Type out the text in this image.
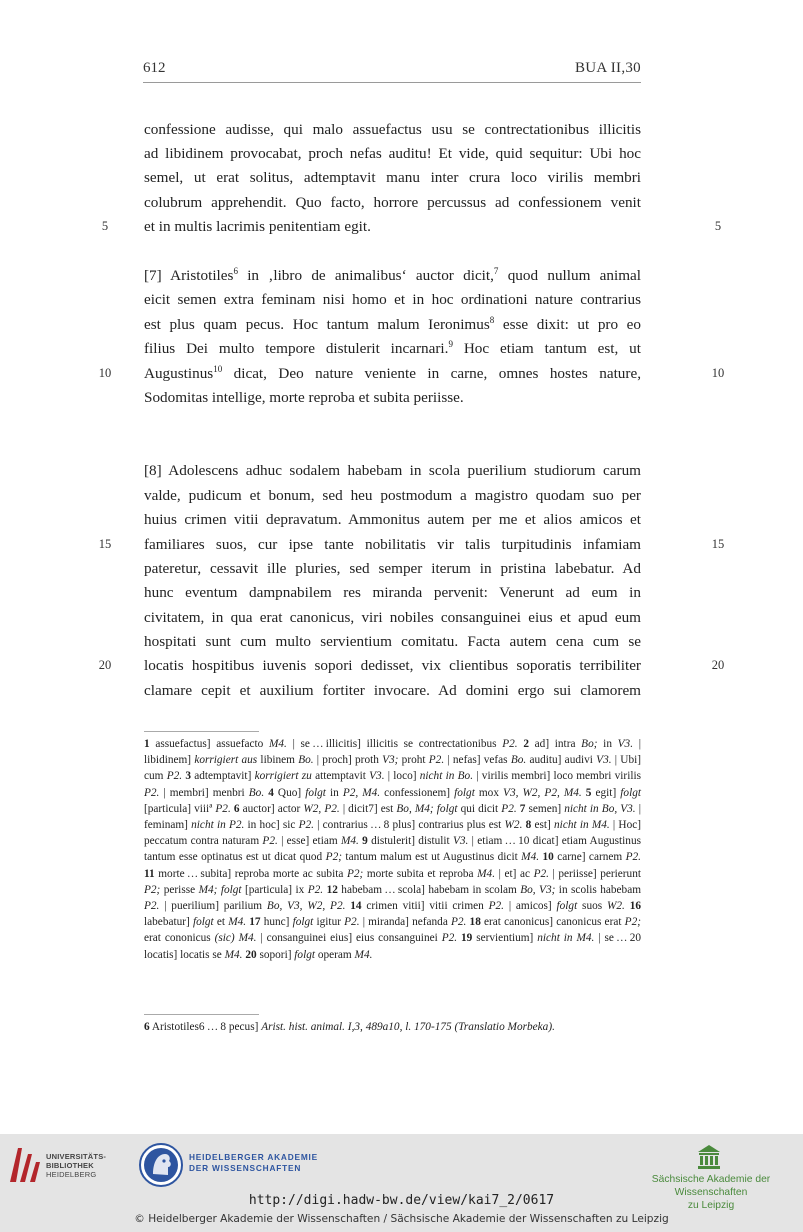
612	BUA II,30
confessione audisse, qui malo assuefactus usu se contrectationibus illicitis
ad libidinem provocabat, proch nefas auditu! Et vide, quid sequitur: Ubi hoc
semel, ut erat solitus, adtemptavit manu inter crura loco virilis membri
colubrum apprehendit. Quo facto, horrore percussus ad confessionem venit
et in multis lacrimis penitentiam egit.
5	5
[7] Aristotiles$^6$ in ‚libro de animalibus‘ auctor dicit,$^7$ quod nullum animal
eicit semen extra feminam nisi homo et in hoc ordinationi nature contrarius
est plus quam pecus. Hoc tantum malum Ieronimus$^8$ esse dixit: ut pro eo
filius Dei multo tempore distulerit incarnari.$^9$ Hoc etiam tantum est, ut
Augustinus$^{10}$ dicat, Deo nature veniente in carne, omnes hostes nature,
Sodomitas intellige, morte reproba et subita periisse.
10	10
[8] Adolescens adhuc sodalem habebam in scola puerilium studiorum carum
valde, pudicum et bonum, sed heu postmodum a magistro quodam suo per
huius crimen vitii depravatum. Ammonitus autem per me et alios amicos et
familiares suos, cur ipse tante nobilitatis vir talis turpitudinis infamiam
pateretur, cessavit ille pluries, sed semper iterum in pristina labebatur. Ad
hunc eventum dampnabilem res miranda pervenit: Venerunt ad eum in
civitatem, in qua erat canonicus, viri nobiles consanguinei eius et apud eum
hospitati sunt cum multo servientium comitatu. Facta autem cena cum se
locatis hospitibus iuvenis sopori dedisset, vix clientibus soporatis terribiliter
clamare cepit et auxilium fortiter invocare. Ad domini ergo sui clamorem
15	15
20	20
1 assuefactus] assuefacto M4. | se … illicitis] illicitis se contrectationibus P2. 2 ad] intra Bo; in V3. | libidinem] korrigiert aus libinem Bo. | proch] proth V3; proht P2. | nefas] vefas Bo. auditu] audivi V3. | Ubi] cum P2. 3 adtemptavit] korrigiert zu attemptavit V3. | loco] nicht in Bo. | virilis membri] loco membri virilis P2. | membri] menbri Bo. 4 Quo] folgt in P2, M4. confessionem] folgt mox V3, W2, P2, M4. 5 egit] folgt [particula] viiiª P2. 6 auctor] actor W2, P2. | dicit7] est Bo, M4; folgt qui dicit P2. 7 semen] nicht in Bo, V3. | feminam] nicht in P2. in hoc] sic P2. | contrarius … 8 plus] contrarius plus est W2. 8 est] nicht in M4. | Hoc] peccatum contra naturam P2. | esse] etiam M4. 9 distulerit] distulit V3. | etiam … 10 dicat] etiam Augustinus tantum esse optinatus est ut dicat quod P2; tantum malum est ut Augustinus dicit M4. 10 carne] carnem P2. 11 morte … subita] reproba morte ac subita P2; morte subita et reproba M4. | et] ac P2. | periisse] perierunt P2; perisse M4; folgt [particula] ix P2. 12 habebam … scola] habebam in scolam Bo, V3; in scolis habebam P2. | puerilium] parilium Bo, V3, W2, P2. 14 crimen vitii] vitii crimen P2. | amicos] folgt suos W2. 16 labebatur] folgt et M4. 17 hunc] folgt igitur P2. | miranda] nefanda P2. 18 erat canonicus] canonicus erat P2; erat cononicus (sic) M4. | consanguinei eius] eius consanguinei P2. 19 servientium] nicht in M4. | se … 20 locatis] locatis se M4. 20 sopori] folgt operam M4.
6 Aristotiles6 … 8 pecus] Arist. hist. animal. I,3, 489a10, l. 170-175 (Translatio Morbeka).
UNIVERSITÄTS-
BIBLIOTHEK
HEIDELBERG
HEIDELBERGER AKADEMIE
DER WISSENSCHAFTEN
Sächsische Akademie der Wissenschaften
zu Leipzig
http://digi.hadw-bw.de/view/kai7_2/0617
© Heidelberger Akademie der Wissenschaften / Sächsische Akademie der Wissenschaften zu Leipzig
